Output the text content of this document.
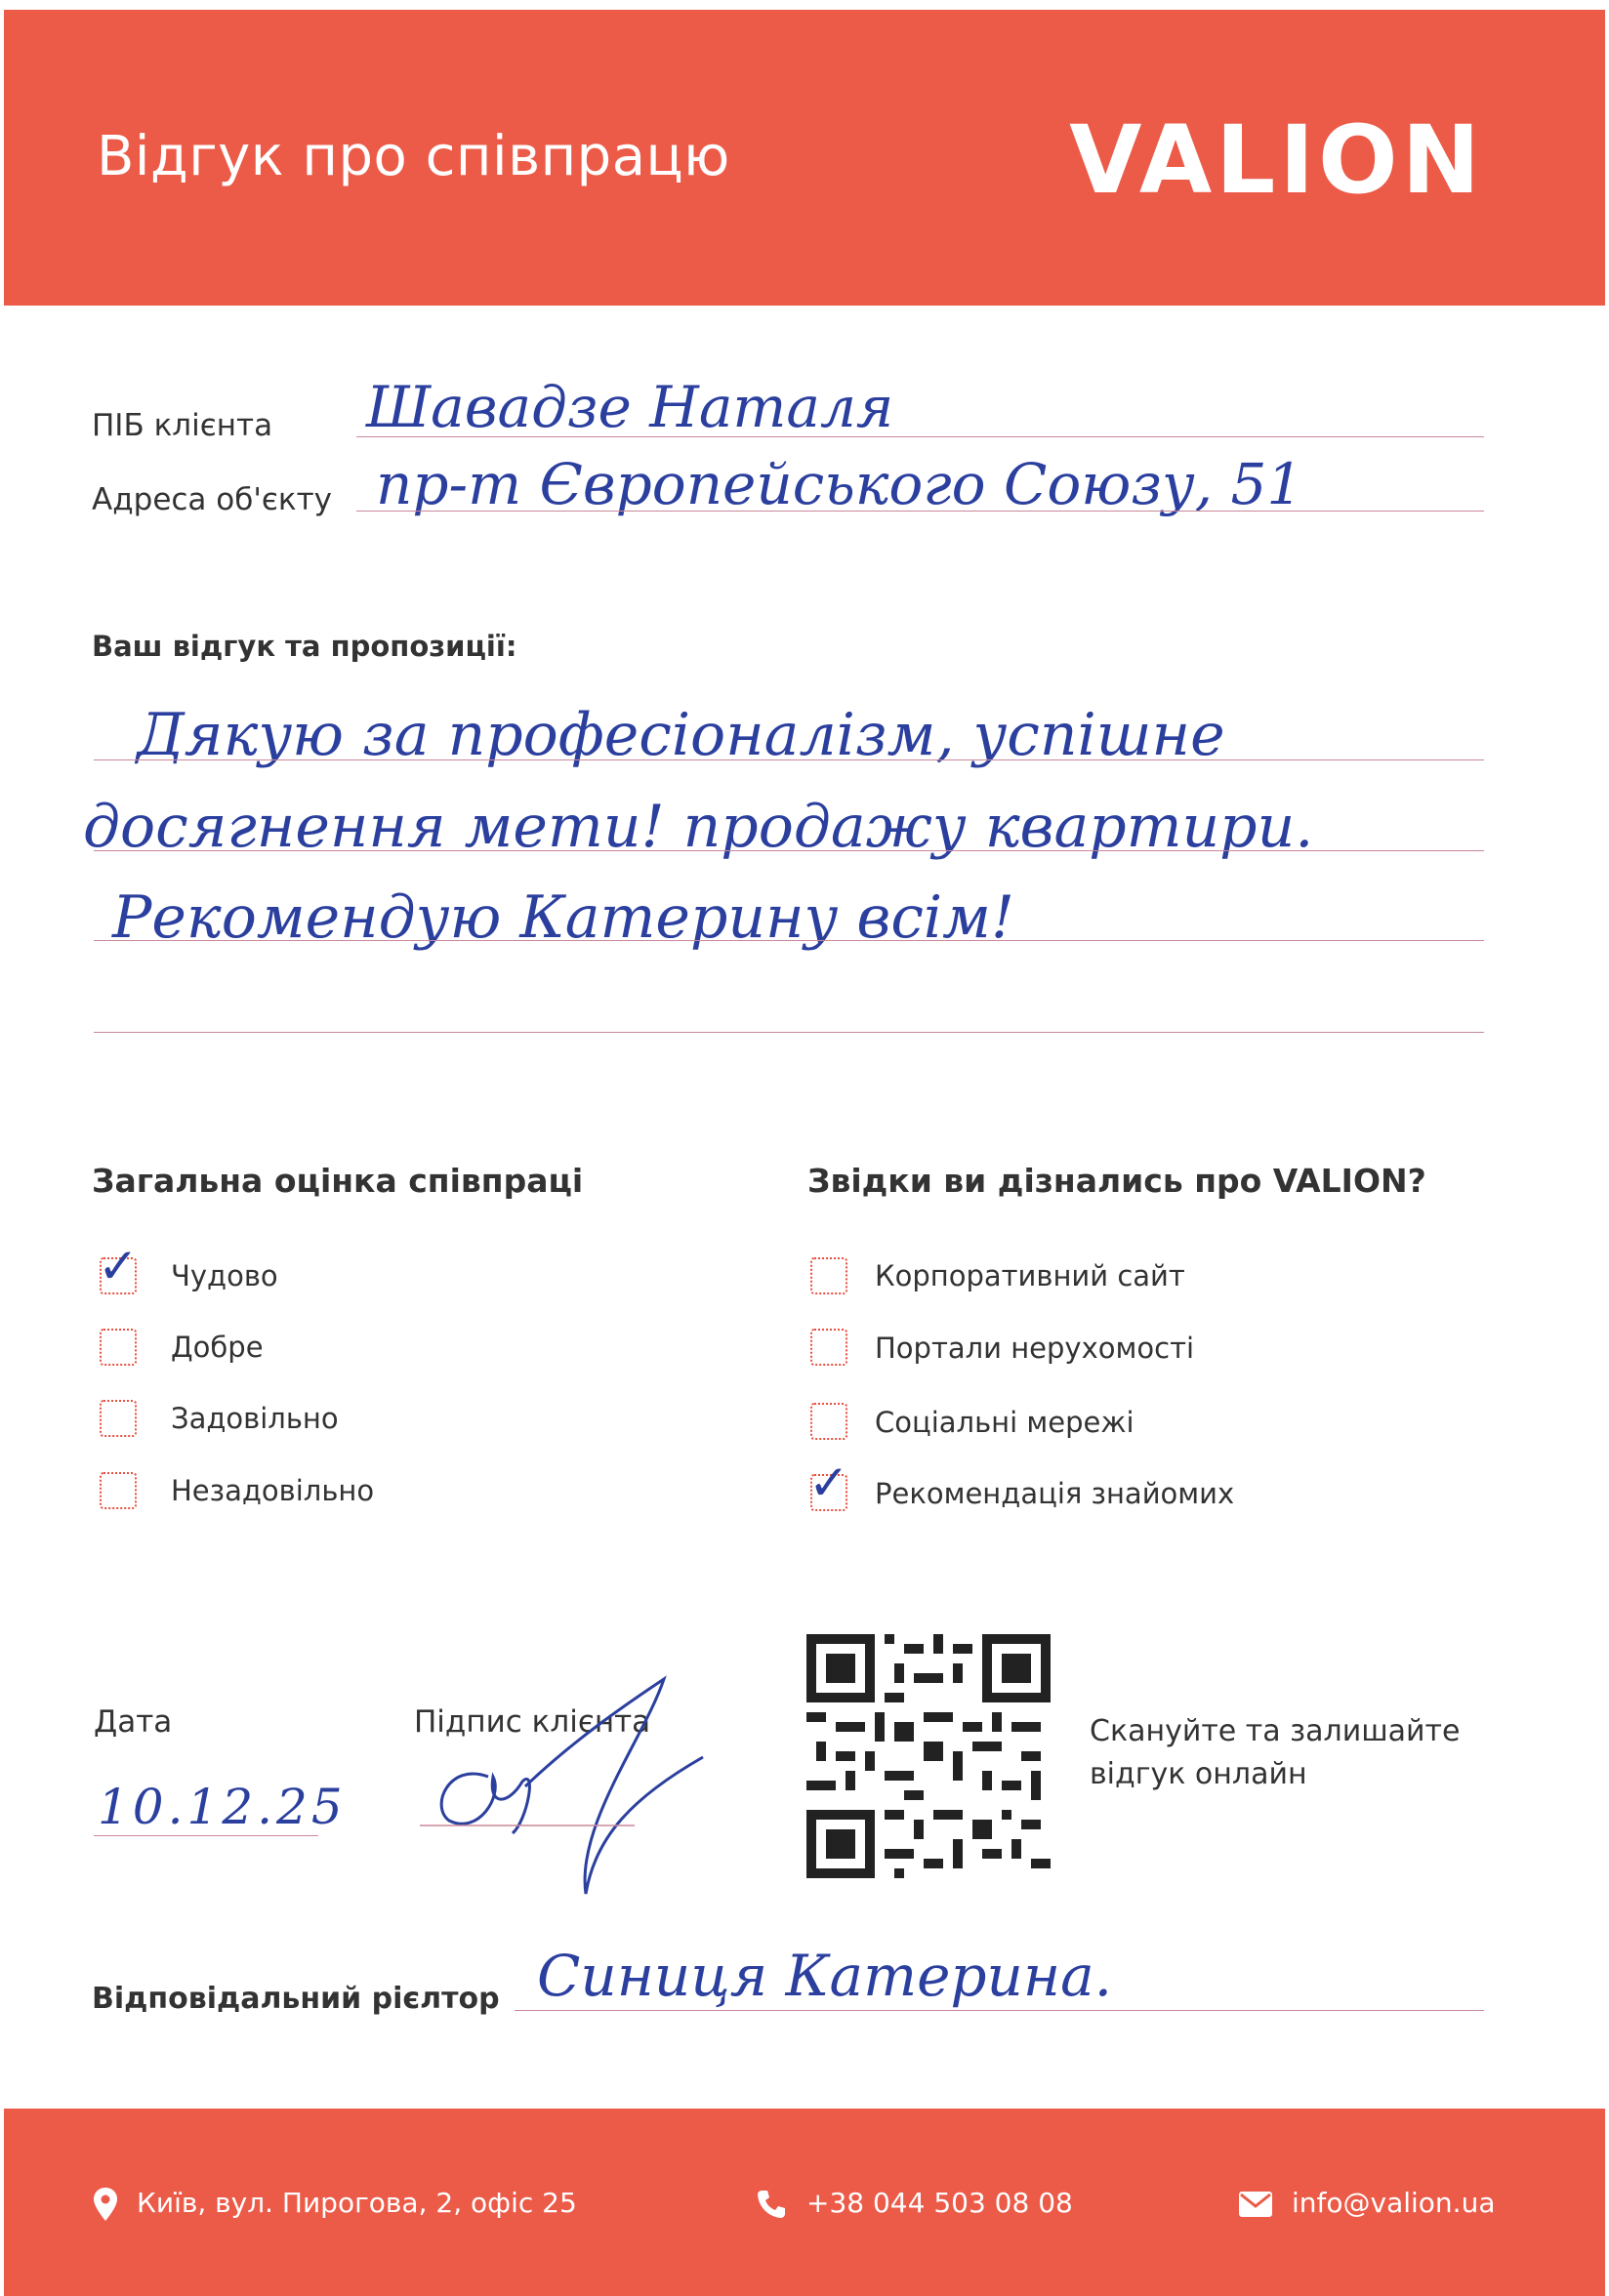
Відгук про співпрацю	VALION
ПІБ клієнта Шавадзе Наталя
Адреса об'єкту пр-т Європейського Союзу, 51
Ваш відгук та пропозиції:
Дякую за професіоналізм, успішне
досягнення мети! продажу квартири.
Рекомендую Катерину всім!
Загальна оцінка співпраці
✓ Чудово
Добре
Задовільно
Незадовільно
Звідки ви дізнались про VALION?
Корпоративний сайт
Портали нерухомості
Соціальні мережі
✓ Рекомендація знайомих
Дата
10.12.25
Підпис клієнта	Скануйте та залишайте
відгук онлайн
Відповідальний рієлтор Синиця Катерина.
Київ, вул. Пирогова, 2, офіс 25	+38 044 503 08 08	info@valion.ua
